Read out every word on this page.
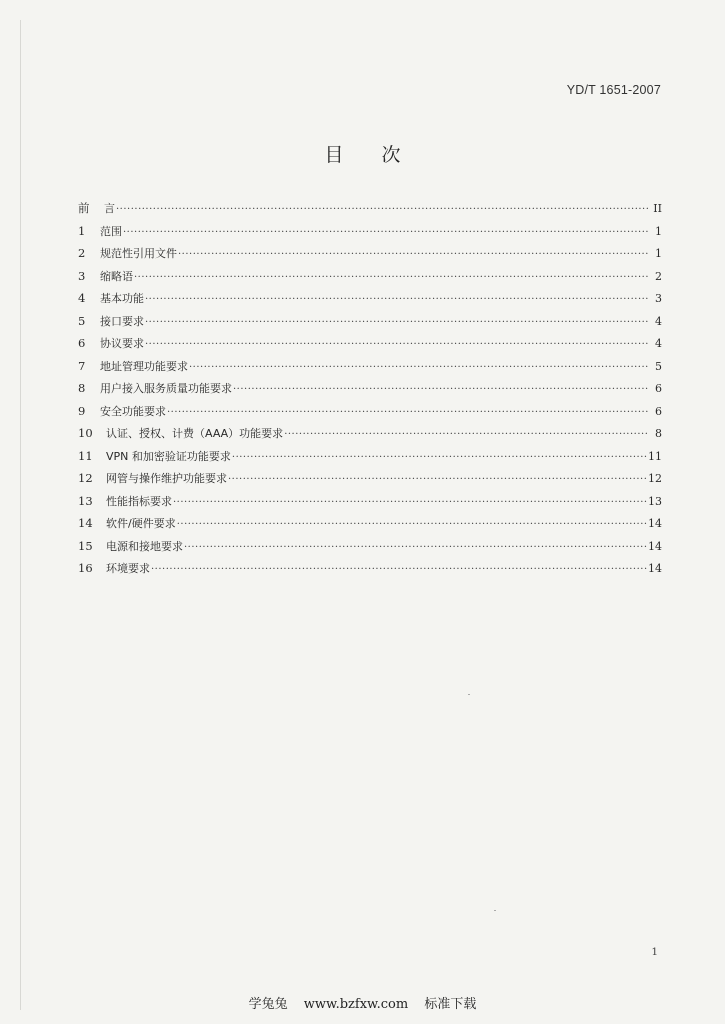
YD/T 1651-2007
目次
前	言 ·····	II
1	范围 ·····	1
2	规范性引用文件 ·····	1
3	缩略语 ·····	2
4	基本功能 ·····	3
5	接口要求 ·····	4
6	协议要求 ·····	4
7	地址管理功能要求 ·····	5
8	用户接入服务质量功能要求 ·····	6
9	安全功能要求 ·····	6
10	认证、授权、计费（AAA）功能要求 ·····	8
11	VPN 和加密验证功能要求 ·····	11
12	网管与操作维护功能要求 ·····	12
13	性能指标要求 ·····	13
14	软件/硬件要求 ·····	14
15	电源和接地要求 ·····	14
16	环境要求 ·····	14
1
学兔兔 www.bzfxw.com 标准下载
